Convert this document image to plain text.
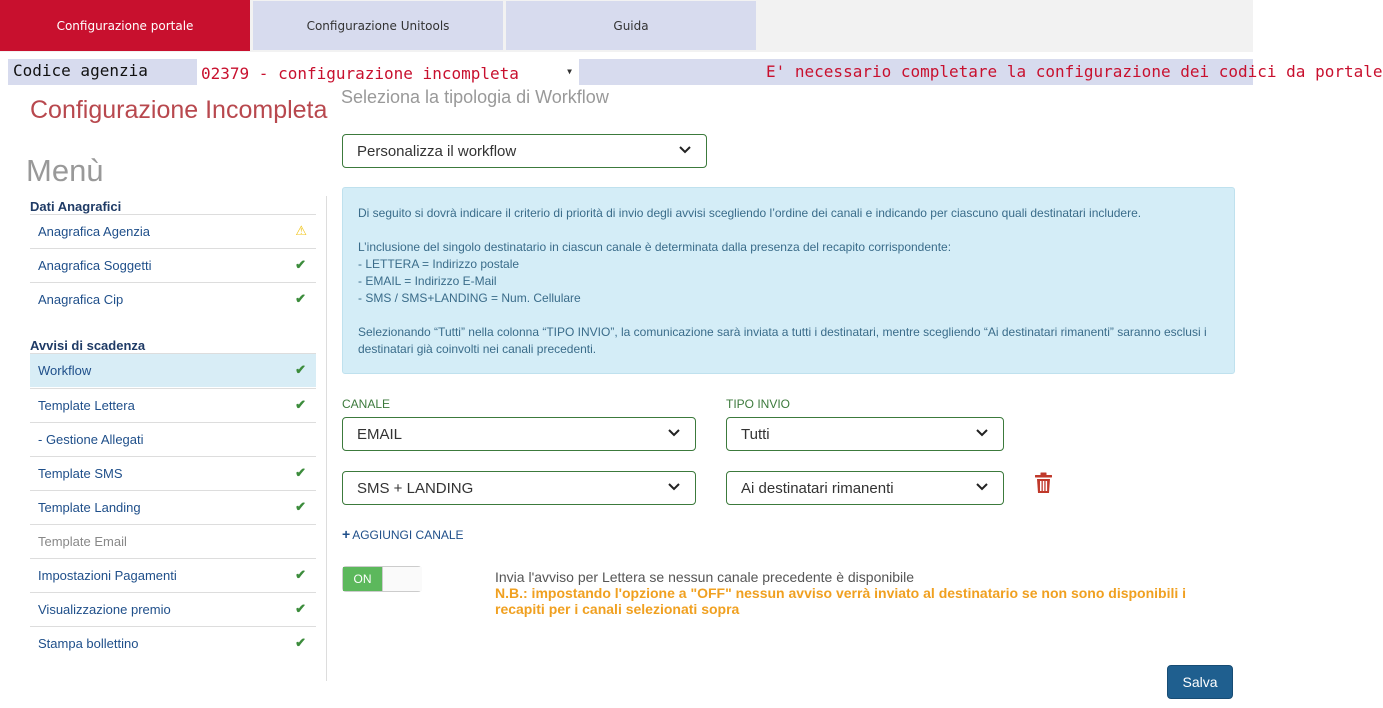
Configurazione portale	Configurazione Unitools	Guida
Codice agenzia	02379 - configurazione incompleta	▼	E' necessario completare la configurazione dei codici da portale
Configurazione Incompleta
Menù
Dati Anagrafici
Anagrafica Agenzia	⚠
Anagrafica Soggetti	✔
Anagrafica Cip	✔
Avvisi di scadenza
Workflow	✔
Template Lettera	✔
- Gestione Allegati
Template SMS	✔
Template Landing	✔
Template Email
Impostazioni Pagamenti	✔
Visualizzazione premio	✔
Stampa bollettino	✔
Seleziona la tipologia di Workflow
Personalizza il workflow

Di seguito si dovrà indicare il criterio di priorità di invio degli avvisi scegliendo l’ordine dei canali e indicando per ciascuno quali destinatari includere.

L’inclusione del singolo destinatario in ciascun canale è determinata dalla presenza del recapito corrispondente:

- LETTERA = Indirizzo postale

- EMAIL = Indirizzo E-Mail

- SMS / SMS+LANDING = Num. Cellulare

Selezionando “Tutti” nella colonna “TIPO INVIO”, la comunicazione sarà inviata a tutti i destinatari, mentre scegliendo “Ai destinatari rimanenti” saranno esclusi i destinatari già coinvolti nei canali precedenti.

CANALE	TIPO INVIO
EMAIL	Tutti
SMS + LANDING	Ai destinatari rimanenti
+ AGGIUNGI CANALE
ON	Invia l'avviso per Lettera se nessun canale precedente è disponibile
N.B.: impostando l'opzione a "OFF" nessun avviso verrà inviato al destinatario se non sono disponibili i recapiti per i canali selezionati sopra
Salva
